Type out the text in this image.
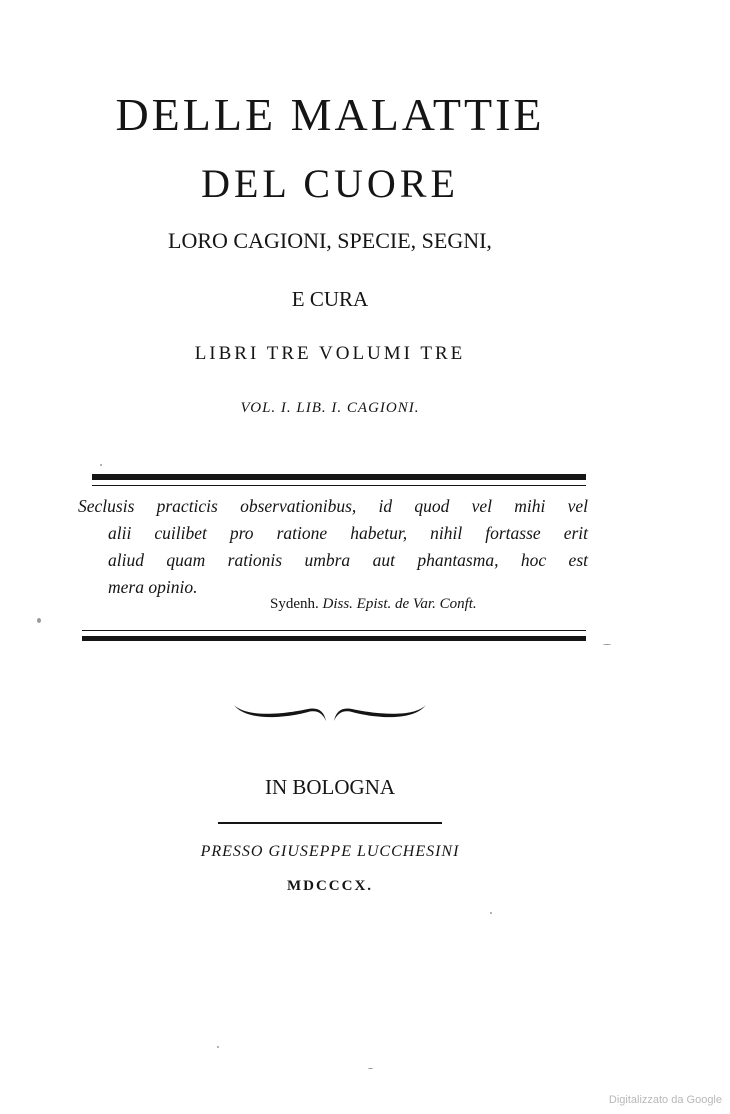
DELLE MALATTIE
DEL CUORE
LORO CAGIONI, SPECIE, SEGNI,
E CURA
LIBRI TRE VOLUMI TRE
VOL. I. LIB. I. CAGIONI.
Seclusis practicis observationibus, id quod vel mihi vel
alii cuilibet pro ratione habetur, nihil fortasse erit
aliud quam rationis umbra aut phantasma, hoc est
mera opinio.
Sydenh. Diss. Epist. de Var. Conft.
IN BOLOGNA
PRESSO GIUSEPPE LUCCHESINI
MDCCCX.
Digitalizzato da Google
